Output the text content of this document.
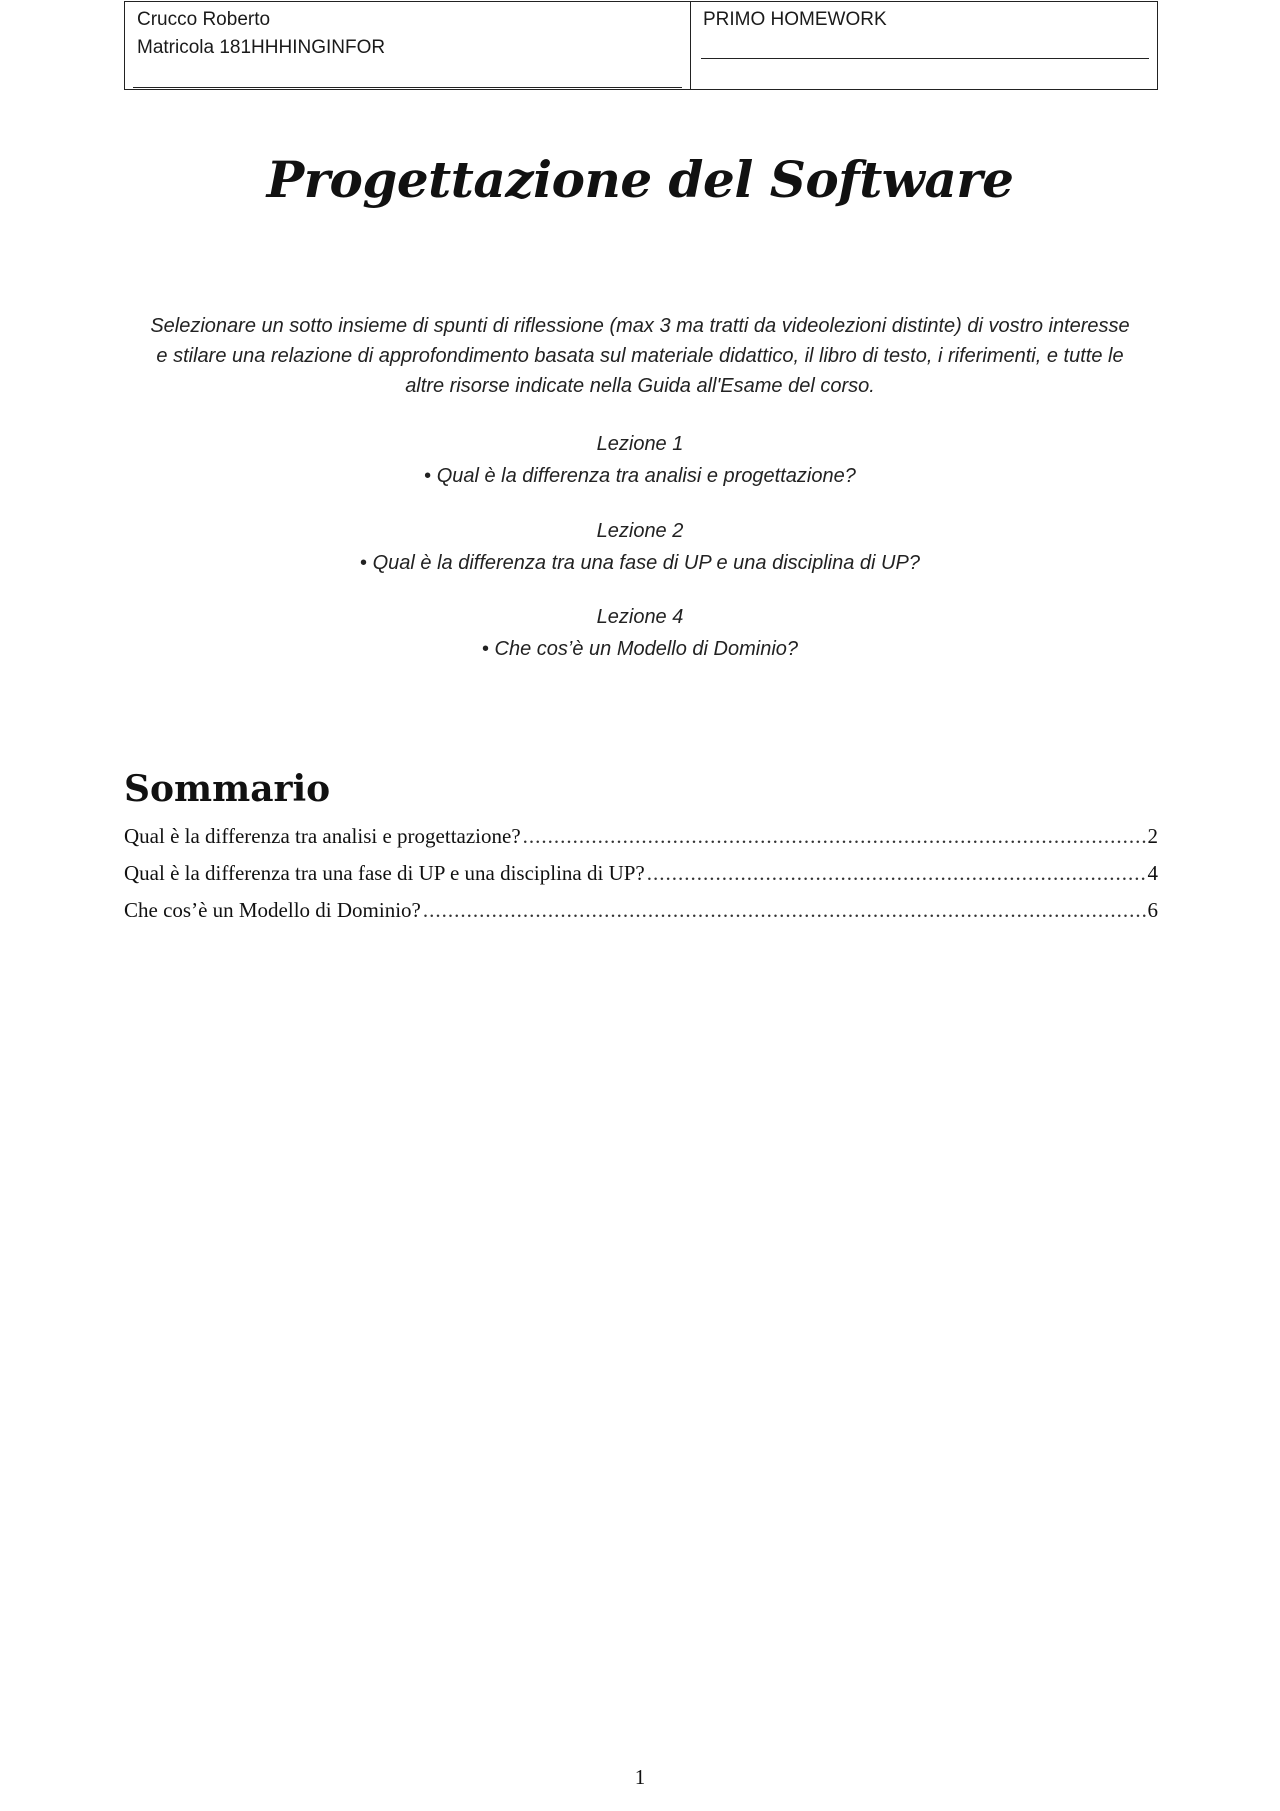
Crucco Roberto
Matricola 181HHHINGINFOR
PRIMO HOMEWORK
Progettazione del Software
Selezionare un sotto insieme di spunti di riflessione (max 3 ma tratti da videolezioni distinte) di vostro interesse e stilare una relazione di approfondimento basata sul materiale didattico, il libro di testo, i riferimenti, e tutte le altre risorse indicate nella Guida all'Esame del corso.
Lezione 1
• Qual è la differenza tra analisi e progettazione?
Lezione 2
• Qual è la differenza tra una fase di UP e una disciplina di UP?
Lezione 4
• Che cos’è un Modello di Dominio?
Sommario
Qual è la differenza tra analisi e progettazione? .....	2
Qual è la differenza tra una fase di UP e una disciplina di UP? .....	4
Che cos’è un Modello di Dominio? .....	6
1
